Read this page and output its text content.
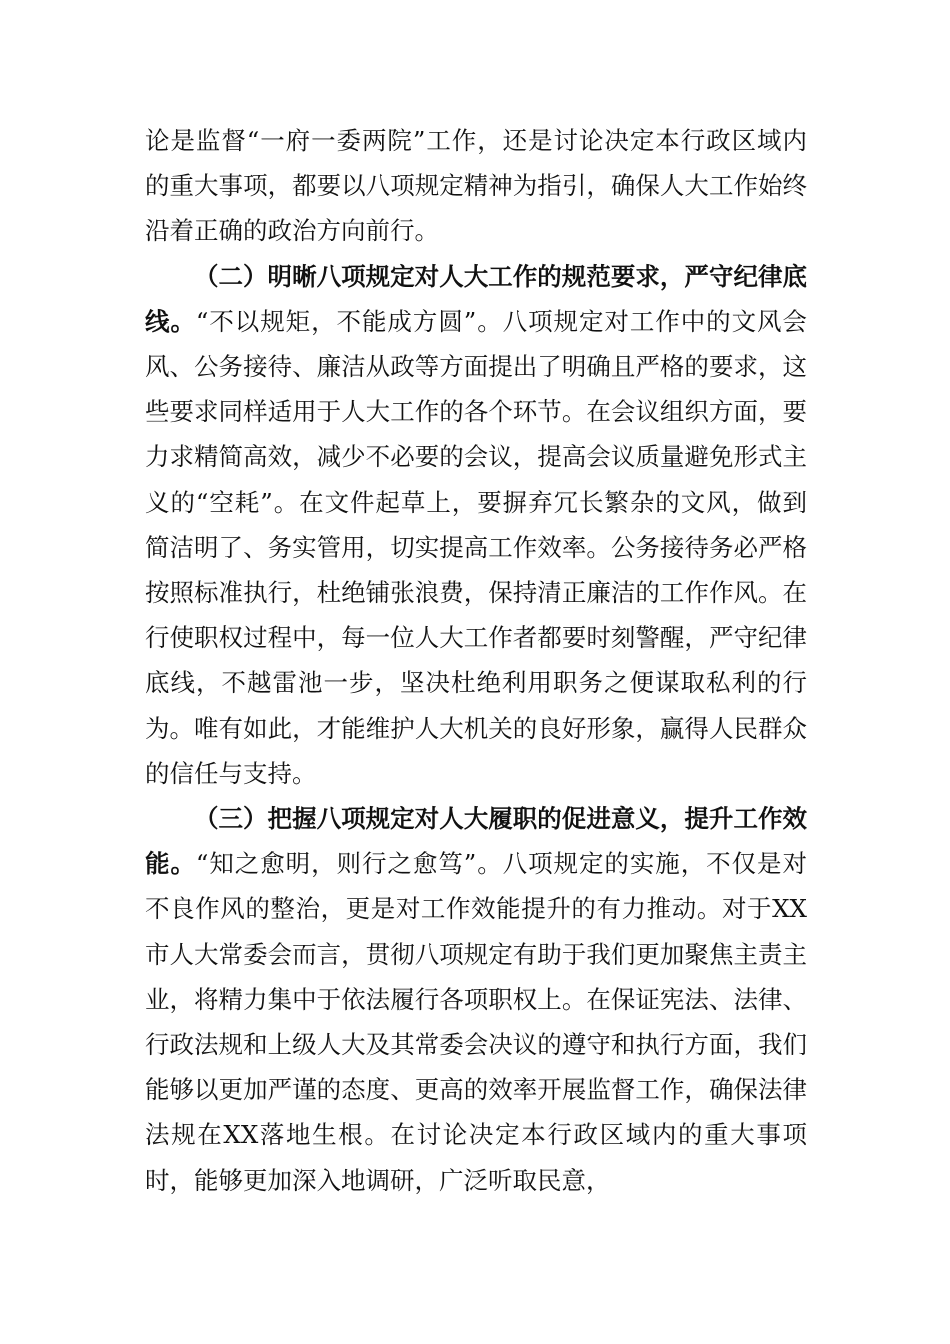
论是监督“一府一委两院”工作，还是讨论决定本行政区域内的重大事项，都要以八项规定精神为指引，确保人大工作始终沿着正确的政治方向前行。

（二）明晰八项规定对人大工作的规范要求，严守纪律底线。“不以规矩，不能成方圆”。八项规定对工作中的文风会风、公务接待、廉洁从政等方面提出了明确且严格的要求，这些要求同样适用于人大工作的各个环节。在会议组织方面，要力求精简高效，减少不必要的会议，提高会议质量避免形式主义的“空耗”。在文件起草上，要摒弃冗长繁杂的文风，做到简洁明了、务实管用，切实提高工作效率。公务接待务必严格按照标准执行，杜绝铺张浪费，保持清正廉洁的工作作风。在行使职权过程中，每一位人大工作者都要时刻警醒，严守纪律底线，不越雷池一步，坚决杜绝利用职务之便谋取私利的行为。唯有如此，才能维护人大机关的良好形象，赢得人民群众的信任与支持。

（三）把握八项规定对人大履职的促进意义，提升工作效能。“知之愈明，则行之愈笃”。八项规定的实施，不仅是对不良作风的整治，更是对工作效能提升的有力推动。对于XX市人大常委会而言，贯彻八项规定有助于我们更加聚焦主责主业，将精力集中于依法履行各项职权上。在保证宪法、法律、行政法规和上级人大及其常委会决议的遵守和执行方面，我们能够以更加严谨的态度、更高的效率开展监督工作，确保法律法规在XX落地生根。在讨论决定本行政区域内的重大事项时，能够更加深入地调研，广泛听取民意，
